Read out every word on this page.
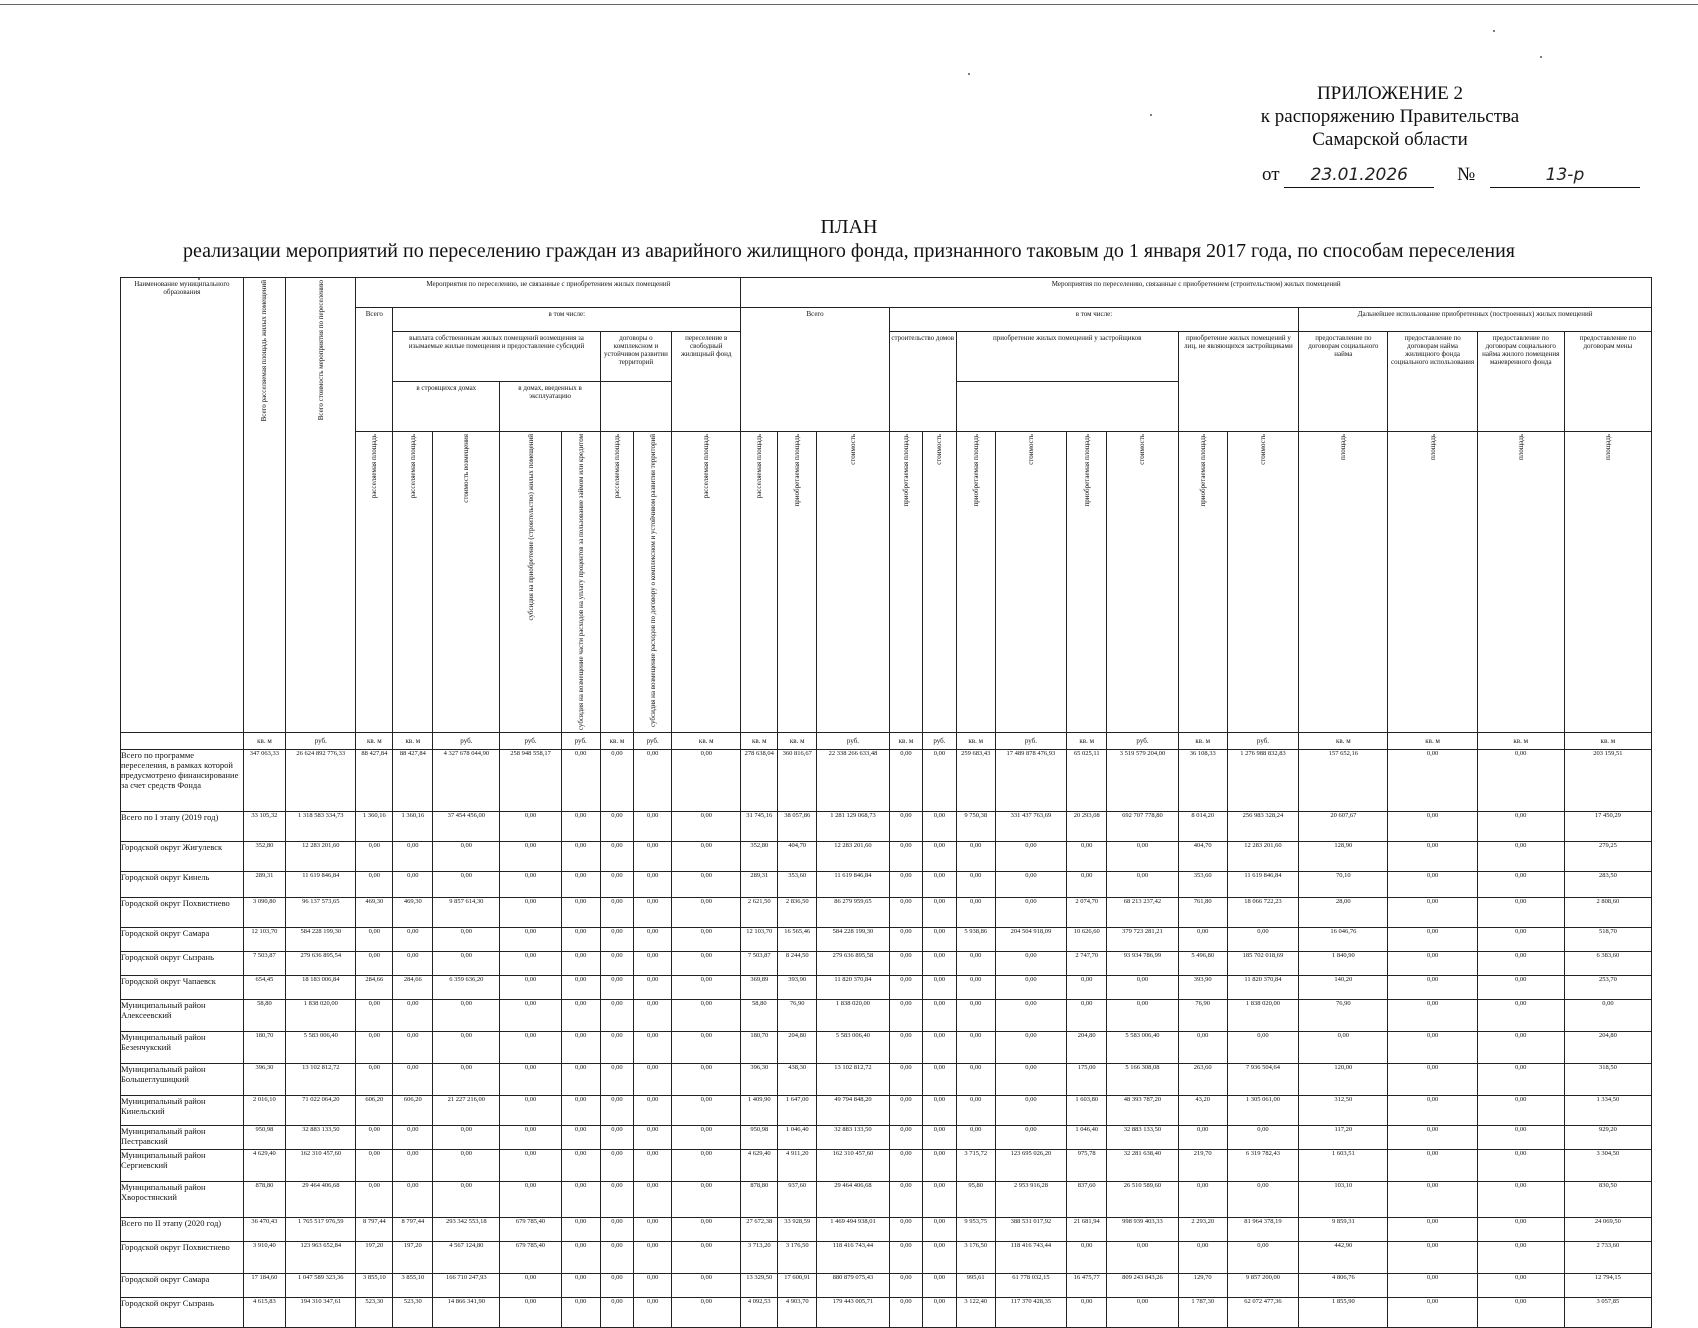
ПРИЛОЖЕНИЕ 2
к распоряжению Правительства
Самарской области
от 23.01.2026	№	13-р
ПЛАН
реализации мероприятий по переселению граждан из аварийного жилищного фонда, признанного таковым до 1 января 2017 года, по способам переселения
Наименование муниципального образования	Всего расселяемая площадь жилых помещений	Всего стоимость мероприятия по переселению	Мероприятия по переселению, не связанные с приобретением жилых помещений								Мероприятия по переселению, связанные с приобретением (строительством) жилых помещений														
			Всего	в том числе:							Всего			в том числе:								Дальнейшее использование приобретенных (построенных) жилых помещений			
				выплата собственникам жилых помещений возмещения за изымаемые жилые помещения и предоставление субсидий				договоры о комплексном и устойчивом развитии территорий		переселение в свободный жилищный фонд				строительство домов		приобретение жилых помещений у застройщиков				приобретение жилых помещений у лиц, не являющихся застройщиками		предоставление по договорам социального найма	предоставление по договорам найма жилищного фонда социального использования	предоставление по договорам социального найма жилого помещения маневренного фонда	предоставление по договорам мены
				в строящихся домах		в домах, введенных в эксплуатацию																			
			расселяемая площадь	расселяемая площадь	стоимость возмещения	субсидия на приобретение (строительство) жилых помещений	субсидия на возмещение части расходов на уплату процентов за пользование займом или кредитом	расселяемая площадь	субсидия на возмещение расходов по договору о комплексном и устойчивом развитии территорий	расселяемая площадь	расселяемая площадь	приобретаемая площадь	стоимость	приобретаемая площадь	стоимость	приобретаемая площадь	стоимость	приобретаемая площадь	стоимость	приобретаемая площадь	стоимость	площадь	площадь	площадь	площадь
	кв. м	руб.	кв. м	кв. м	руб.	руб.	руб.	кв. м	руб.	кв. м	кв. м	кв. м	руб.	кв. м	руб.	кв. м	руб.	кв. м	руб.	кв. м	руб.	кв. м	кв. м	кв. м	кв. м
Всего по программе переселения, в рамках которой предусмотрено финансирование за счет средств Фонда	347 063,33	26 624 892 776,33	88 427,84	88 427,84	4 327 678 044,90	258 948 558,17	0,00	0,00	0,00	0,00	278 638,04	360 816,67	22 338 266 633,48	0,00	0,00	259 683,43	17 489 878 476,93	65 025,11	3 519 579 204,00	36 108,33	1 276 988 832,83	157 652,16	0,00	0,00	203 159,51
Всего по I этапу (2019 год)	33 105,32	1 318 583 334,73	1 360,16	1 360,16	37 454 456,00	0,00	0,00	0,00	0,00	0,00	31 745,16	38 057,86	1 281 129 068,73	0,00	0,00	9 750,38	331 437 763,69	20 293,08	692 707 778,80	8 014,20	256 983 328,24	20 607,67	0,00	0,00	17 450,29
Городской округ Жигулевск	352,80	12 283 201,60	0,00	0,00	0,00	0,00	0,00	0,00	0,00	0,00	352,80	404,70	12 283 201,60	0,00	0,00	0,00	0,00	0,00	0,00	404,70	12 283 201,60	128,90	0,00	0,00	279,25
Городской округ Кинель	289,31	11 619 846,84	0,00	0,00	0,00	0,00	0,00	0,00	0,00	0,00	289,31	353,60	11 619 846,84	0,00	0,00	0,00	0,00	0,00	0,00	353,60	11 619 846,84	70,10	0,00	0,00	283,50
Городской округ Похвистнево	3 090,80	96 137 573,65	469,30	469,30	9 857 614,30	0,00	0,00	0,00	0,00	0,00	2 621,50	2 836,50	86 279 959,65	0,00	0,00	0,00	0,00	2 074,70	68 213 237,42	761,80	18 066 722,23	28,00	0,00	0,00	2 808,60
Городской округ Самара	12 103,70	584 228 199,30	0,00	0,00	0,00	0,00	0,00	0,00	0,00	0,00	12 103,70	16 565,46	584 228 199,30	0,00	0,00	5 938,86	204 504 918,09	10 626,60	379 723 281,21	0,00	0,00	16 046,76	0,00	0,00	518,70
Городской округ Сызрань	7 503,87	279 636 895,54	0,00	0,00	0,00	0,00	0,00	0,00	0,00	0,00	7 503,87	8 244,50	279 636 895,58	0,00	0,00	0,00	0,00	2 747,70	93 934 786,99	5 496,80	185 702 018,69	1 840,90	0,00	0,00	6 383,60
Городской округ Чапаевск	654,45	18 183 006,84	284,66	284,66	6 359 636,20	0,00	0,00	0,00	0,00	0,00	369,89	393,90	11 820 370,84	0,00	0,00	0,00	0,00	0,00	0,00	393,90	11 820 370,84	140,20	0,00	0,00	253,70
Муниципальный район Алексеевский	58,80	1 838 020,00	0,00	0,00	0,00	0,00	0,00	0,00	0,00	0,00	58,80	76,90	1 838 020,00	0,00	0,00	0,00	0,00	0,00	0,00	76,90	1 838 020,00	76,90	0,00	0,00	0,00
Муниципальный район Безенчукский	180,70	5 583 006,40	0,00	0,00	0,00	0,00	0,00	0,00	0,00	0,00	180,70	204,80	5 583 006,40	0,00	0,00	0,00	0,00	204,80	5 583 006,40	0,00	0,00	0,00	0,00	0,00	204,80
Муниципальный район Большеглушицкий	396,30	13 102 812,72	0,00	0,00	0,00	0,00	0,00	0,00	0,00	0,00	396,30	438,30	13 102 812,72	0,00	0,00	0,00	0,00	175,00	5 166 308,08	263,60	7 936 504,64	120,00	0,00	0,00	318,50
Муниципальный район Кинельский	2 016,10	71 022 064,20	606,20	606,20	21 227 216,00	0,00	0,00	0,00	0,00	0,00	1 409,90	1 647,00	49 794 848,20	0,00	0,00	0,00	0,00	1 603,80	48 393 787,20	43,20	1 305 061,00	312,50	0,00	0,00	1 334,50
Муниципальный район Пестравский	950,98	32 883 133,50	0,00	0,00	0,00	0,00	0,00	0,00	0,00	0,00	950,98	1 046,40	32 883 133,50	0,00	0,00	0,00	0,00	1 046,40	32 883 133,50	0,00	0,00	117,20	0,00	0,00	929,20
Муниципальный район Сергиевский	4 629,40	162 310 457,60	0,00	0,00	0,00	0,00	0,00	0,00	0,00	0,00	4 629,40	4 911,20	162 310 457,60	0,00	0,00	3 715,72	123 695 026,20	975,78	32 281 638,40	219,70	6 319 782,43	1 603,51	0,00	0,00	3 304,50
Муниципальный район Хворостянский	878,80	29 464 406,68	0,00	0,00	0,00	0,00	0,00	0,00	0,00	0,00	878,80	937,60	29 464 406,68	0,00	0,00	95,80	2 953 916,28	837,60	26 510 589,60	0,00	0,00	103,10	0,00	0,00	830,50
Всего по II этапу (2020 год)	36 470,43	1 765 517 976,59	8 797,44	8 797,44	293 342 553,18	679 785,40	0,00	0,00	0,00	0,00	27 672,38	33 928,59	1 469 494 938,01	0,00	0,00	9 953,75	388 531 017,92	21 681,94	998 939 403,33	2 293,20	81 964 378,19	9 859,31	0,00	0,00	24 069,50
Городской округ Похвистнево	3 910,40	123 963 652,84	197,20	197,20	4 567 124,80	679 785,40	0,00	0,00	0,00	0,00	3 713,20	3 176,50	118 416 743,44	0,00	0,00	3 176,50	118 416 743,44	0,00	0,00	0,00	0,00	442,90	0,00	0,00	2 733,60
Городской округ Самара	17 184,60	1 047 589 323,36	3 855,10	3 855,10	166 710 247,93	0,00	0,00	0,00	0,00	0,00	13 329,50	17 600,91	880 879 075,43	0,00	0,00	995,61	61 778 032,15	16 475,77	809 243 843,26	129,70	9 857 200,00	4 806,76	0,00	0,00	12 794,15
Городской округ Сызрань	4 615,83	194 310 347,61	523,30	523,30	14 866 341,90	0,00	0,00	0,00	0,00	0,00	4 092,53	4 903,70	179 443 005,71	0,00	0,00	3 122,40	117 370 428,35	0,00	0,00	1 787,30	62 072 477,36	1 855,90	0,00	0,00	3 057,85
